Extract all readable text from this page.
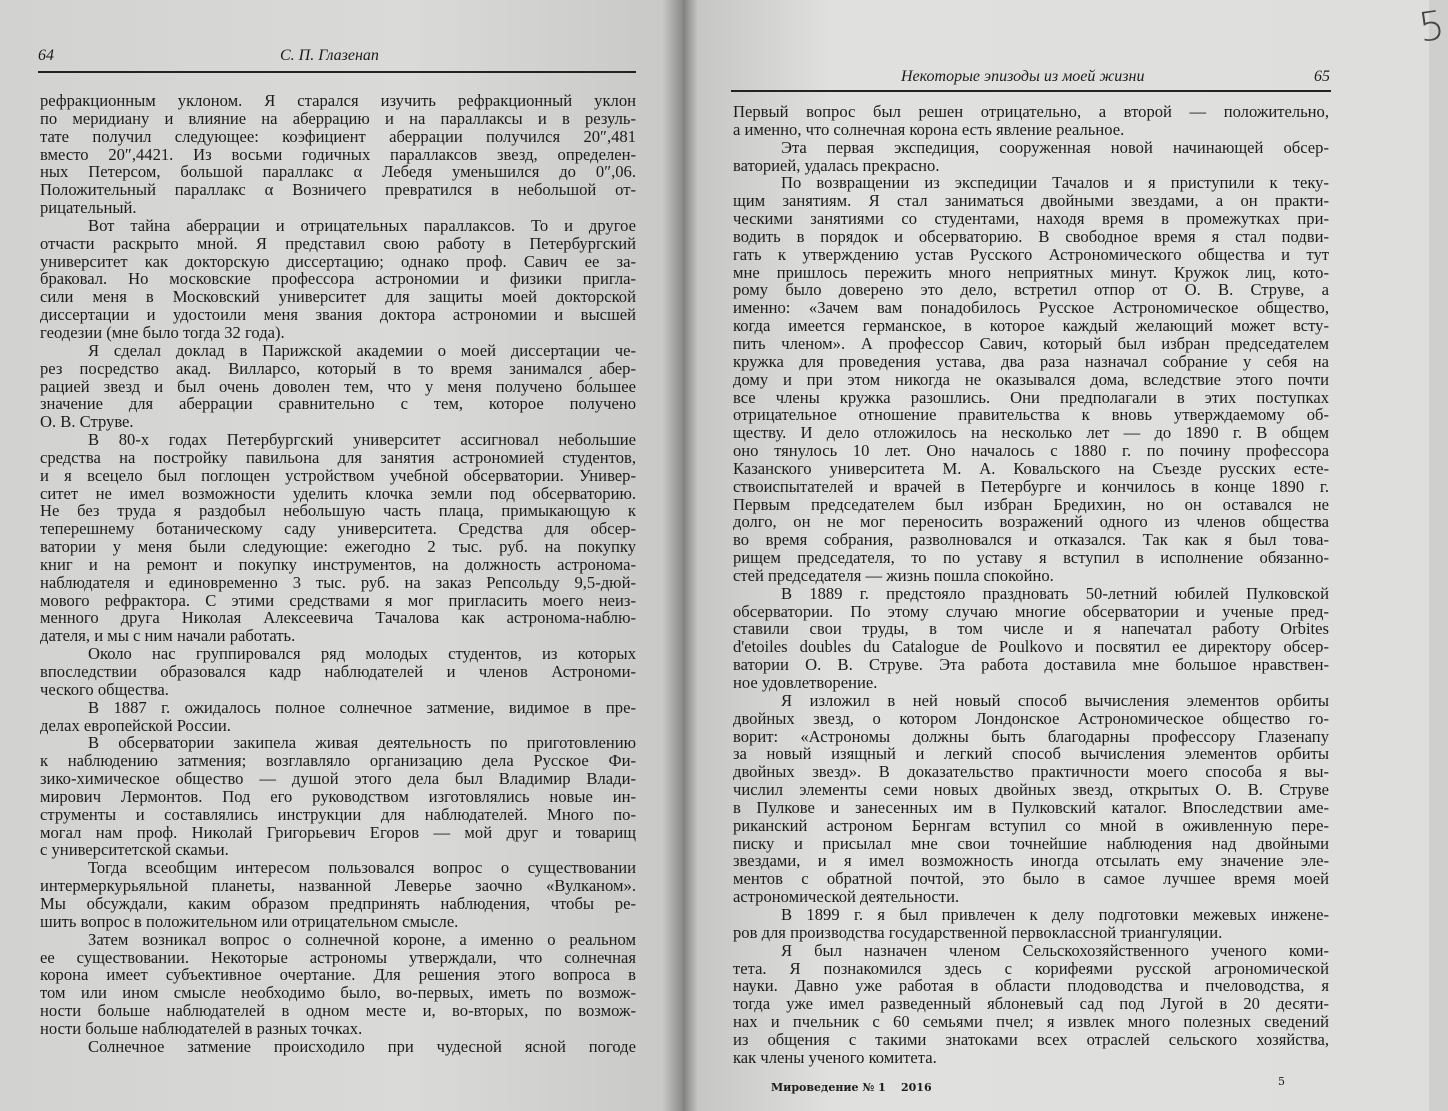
64	С. П. Глазенап
рефракционным уклоном. Я старался изучить рефракционный уклон
по меридиану и влияние на аберрацию и на параллаксы и в резуль-
тате получил следующее: коэфициент аберрации получился 20″,481
вместо 20″,4421. Из восьми годичных параллаксов звезд, определен-
ных Петерсом, большой параллакс α Лебедя уменьшился до 0″,06.
Положительный параллакс α Возничего превратился в небольшой от-
рицательный.
Вот тайна аберрации и отрицательных параллаксов. То и другое
отчасти раскрыто мной. Я представил свою работу в Петербургский
университет как докторскую диссертацию; однако проф. Савич ее за-
браковал. Но московские профессора астрономии и физики пригла-
сили меня в Московский университет для защиты моей докторской
диссертации и удостоили меня звания доктора астрономии и высшей
геодезии (мне было тогда 32 года).
Я сделал доклад в Парижской академии о моей диссертации че-
рез посредство акад. Вилларсо, который в то время занимался абер-
рацией звезд и был очень доволен тем, что у меня получено бо́льшее
значение для аберрации сравнительно с тем, которое получено
О. В. Струве.
В 80-х годах Петербургский университет ассигновал небольшие
средства на постройку павильона для занятия астрономией студентов,
и я всецело был поглощен устройством учебной обсерватории. Универ-
ситет не имел возможности уделить клочка земли под обсерваторию.
Не без труда я раздобыл небольшую часть плаца, примыкающую к
теперешнему ботаническому саду университета. Средства для обсер-
ватории у меня были следующие: ежегодно 2 тыс. руб. на покупку
книг и на ремонт и покупку инструментов, на должность астронома-
наблюдателя и единовременно 3 тыс. руб. на заказ Репсольду 9,5-дюй-
мового рефрактора. С этими средствами я мог пригласить моего неиз-
менного друга Николая Алексеевича Тачалова как астронома-наблю-
дателя, и мы с ним начали работать.
Около нас группировался ряд молодых студентов, из которых
впоследствии образовался кадр наблюдателей и членов Астрономи-
ческого общества.
В 1887 г. ожидалось полное солнечное затмение, видимое в пре-
делах европейской России.
В обсерватории закипела живая деятельность по приготовлению
к наблюдению затмения; возглавляло организацию дела Русское Фи-
зико-химическое общество — душой этого дела был Владимир Влади-
мирович Лермонтов. Под его руководством изготовлялись новые ин-
струменты и составлялись инструкции для наблюдателей. Много по-
могал нам проф. Николай Григорьевич Егоров — мой друг и товарищ
с университетской скамьи.
Тогда всеобщим интересом пользовался вопрос о существовании
интермеркурьяльной планеты, названной Леверье заочно «Вулканом».
Мы обсуждали, каким образом предпринять наблюдения, чтобы ре-
шить вопрос в положительном или отрицательном смысле.
Затем возникал вопрос о солнечной короне, а именно о реальном
ее существовании. Некоторые астрономы утверждали, что солнечная
корона имеет субъективное очертание. Для решения этого вопроса в
том или ином смысле необходимо было, во-первых, иметь по возмож-
ности больше наблюдателей в одном месте и, во-вторых, по возмож-
ности больше наблюдателей в разных точках.
Солнечное затмение происходило при чудесной ясной погоде
Некоторые эпизоды из моей жизни	65
5
Первый вопрос был решен отрицательно, а второй — положительно,
а именно, что солнечная корона есть явление реальное.
Эта первая экспедиция, сооруженная новой начинающей обсер-
ваторией, удалась прекрасно.
По возвращении из экспедиции Тачалов и я приступили к теку-
щим занятиям. Я стал заниматься двойными звездами, а он практи-
ческими занятиями со студентами, находя время в промежутках при-
водить в порядок и обсерваторию. В свободное время я стал подви-
гать к утверждению устав Русского Астрономического общества и тут
мне пришлось пережить много неприятных минут. Кружок лиц, кото-
рому было доверено это дело, встретил отпор от О. В. Струве, а
именно: «Зачем вам понадобилось Русское Астрономическое общество,
когда имеется германское, в которое каждый желающий может всту-
пить членом». А профессор Савич, который был избран председателем
кружка для проведения устава, два раза назначал собрание у себя на
дому и при этом никогда не оказывался дома, вследствие этого почти
все члены кружка разошлись. Они предполагали в этих поступках
отрицательное отношение правительства к вновь утверждаемому об-
ществу. И дело отложилось на несколько лет — до 1890 г. В общем
оно тянулось 10 лет. Оно началось с 1880 г. по почину профессора
Казанского университета М. А. Ковальского на Съезде русских есте-
ствоиспытателей и врачей в Петербурге и кончилось в конце 1890 г.
Первым председателем был избран Бредихин, но он оставался не
долго, он не мог переносить возражений одного из членов общества
во время собрания, разволновался и отказался. Так как я был това-
рищем председателя, то по уставу я вступил в исполнение обязанно-
стей председателя — жизнь пошла спокойно.
В 1889 г. предстояло праздновать 50-летний юбилей Пулковской
обсерватории. По этому случаю многие обсерватории и ученые пред-
ставили свои труды, в том числе и я напечатал работу Orbites
d'etoiles doubles du Catalogue de Poulkovo и посвятил ее директору обсер-
ватории О. В. Струве. Эта работа доставила мне большое нравствен-
ное удовлетворение.
Я изложил в ней новый способ вычисления элементов орбиты
двойных звезд, о котором Лондонское Астрономическое общество го-
ворит: «Астрономы должны быть благодарны профессору Глазенапу
за новый изящный и легкий способ вычисления элементов орбиты
двойных звезд». В доказательство практичности моего способа я вы-
числил элементы семи новых двойных звезд, открытых О. В. Струве
в Пулкове и занесенных им в Пулковский каталог. Впоследствии аме-
риканский астроном Бернгам вступил со мной в оживленную пере-
писку и присылал мне свои точнейшие наблюдения над двойными
звездами, и я имел возможность иногда отсылать ему значение эле-
ментов с обратной почтой, это было в самое лучшее время моей
астрономической деятельности.
В 1899 г. я был привлечен к делу подготовки межевых инжене-
ров для производства государственной первоклассной триангуляции.
Я был назначен членом Сельскохозяйственного ученого коми-
тета. Я познакомился здесь с корифеями русской агрономической
науки. Давно уже работая в области плодоводства и пчеловодства, я
тогда уже имел разведенный яблоневый сад под Лугой в 20 десяти-
нах и пчельник с 60 семьями пчел; я извлек много полезных сведений
из общения с такими знатоками всех отраслей сельского хозяйства,
как члены ученого комитета.
Мироведение № 1 2016	5
